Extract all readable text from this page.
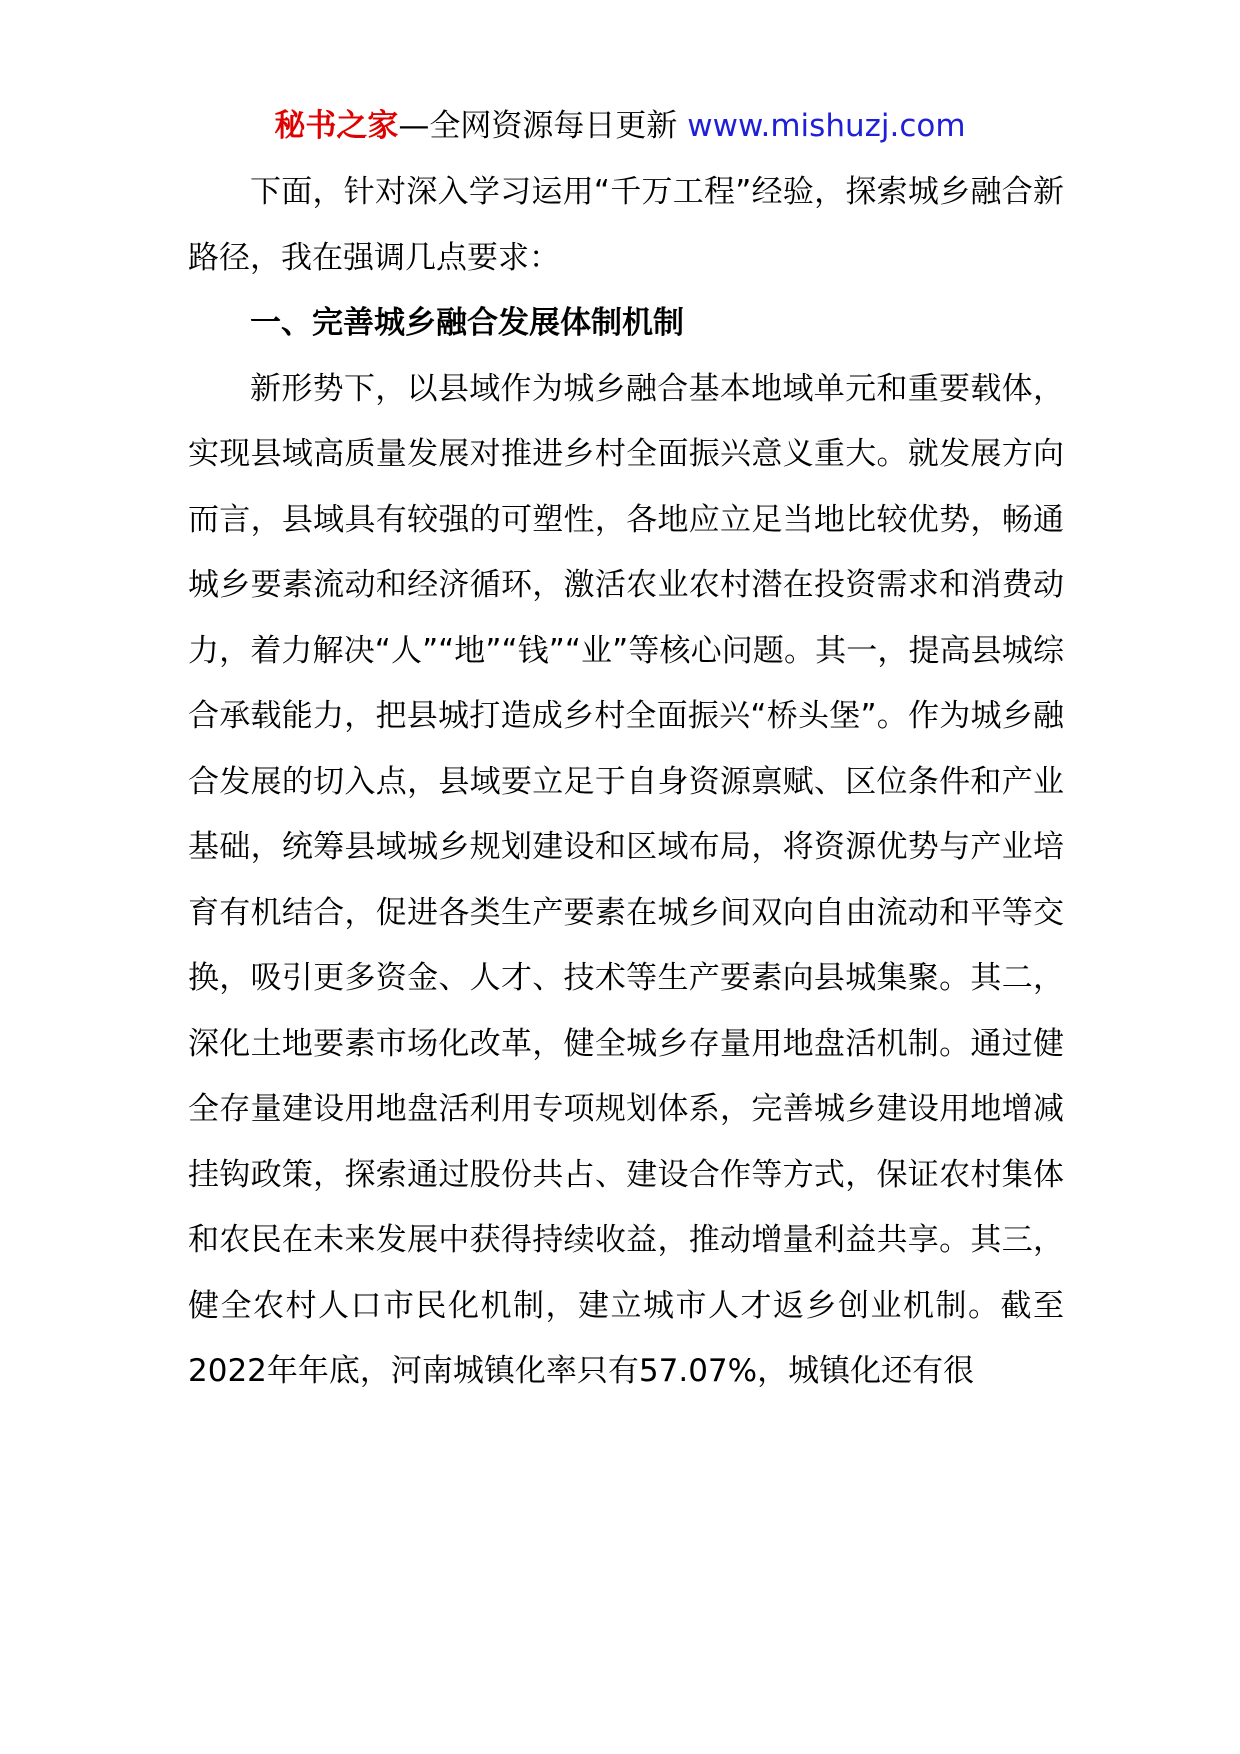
秘书之家—全网资源每日更新 www.mishuzj.com

下面，针对深入学习运用“千万工程”经验，探索城乡融合新路径，我在强调几点要求：

一、完善城乡融合发展体制机制

新形势下，以县域作为城乡融合基本地域单元和重要载体，实现县域高质量发展对推进乡村全面振兴意义重大。就发展方向而言，县域具有较强的可塑性，各地应立足当地比较优势，畅通城乡要素流动和经济循环，激活农业农村潜在投资需求和消费动力，着力解决“人”“地”“钱”“业”等核心问题。其一，提高县城综合承载能力，把县城打造成乡村全面振兴“桥头堡”。作为城乡融合发展的切入点，县域要立足于自身资源禀赋、区位条件和产业基础，统筹县域城乡规划建设和区域布局，将资源优势与产业培育有机结合，促进各类生产要素在城乡间双向自由流动和平等交换，吸引更多资金、人才、技术等生产要素向县城集聚。其二，深化土地要素市场化改革，健全城乡存量用地盘活机制。通过健全存量建设用地盘活利用专项规划体系，完善城乡建设用地增减挂钩政策，探索通过股份共占、建设合作等方式，保证农村集体和农民在未来发展中获得持续收益，推动增量利益共享。其三，健全农村人口市民化机制，建立城市人才返乡创业机制。截至2022年年底，河南城镇化率只有57.07%，城镇化还有很
